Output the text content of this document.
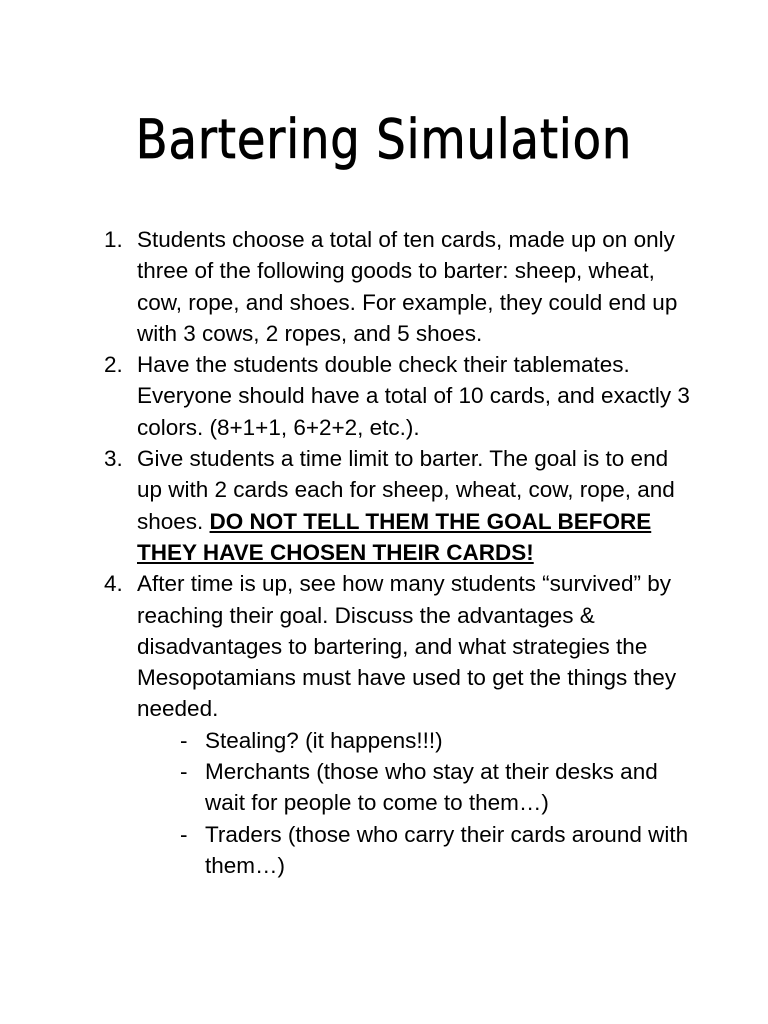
Bartering Simulation
1. Students choose a total of ten cards, made up on only three of the following goods to barter: sheep, wheat, cow, rope, and shoes. For example, they could end up with 3 cows, 2 ropes, and 5 shoes.
2. Have the students double check their tablemates. Everyone should have a total of 10 cards, and exactly 3 colors. (8+1+1, 6+2+2, etc.).
3. Give students a time limit to barter. The goal is to end up with 2 cards each for sheep, wheat, cow, rope, and shoes. DO NOT TELL THEM THE GOAL BEFORE THEY HAVE CHOSEN THEIR CARDS!
4. After time is up, see how many students “survived” by reaching their goal. Discuss the advantages & disadvantages to bartering, and what strategies the Mesopotamians must have used to get the things they needed.
- Stealing? (it happens!!!)
- Merchants (those who stay at their desks and wait for people to come to them…)
- Traders (those who carry their cards around with them…)
